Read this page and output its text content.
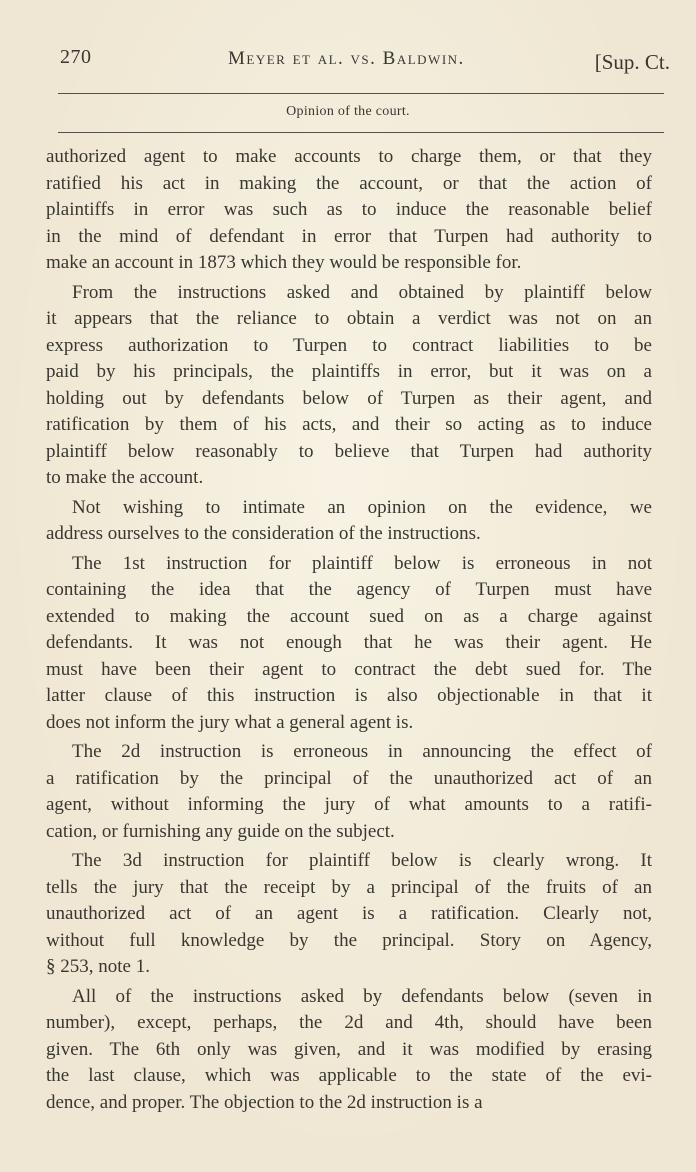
270	Meyer et al. vs. Baldwin.	[Sup. Ct.
Opinion of the court.
authorized agent to make accounts to charge them, or that they
ratified his act in making the account, or that the action of
plaintiffs in error was such as to induce the reasonable belief
in the mind of defendant in error that Turpen had authority to
make an account in 1873 which they would be responsible for.
From the instructions asked and obtained by plaintiff below
it appears that the reliance to obtain a verdict was not on an
express authorization to Turpen to contract liabilities to be
paid by his principals, the plaintiffs in error, but it was on a
holding out by defendants below of Turpen as their agent, and
ratification by them of his acts, and their so acting as to induce
plaintiff below reasonably to believe that Turpen had authority
to make the account.
Not wishing to intimate an opinion on the evidence, we
address ourselves to the consideration of the instructions.
The 1st instruction for plaintiff below is erroneous in not
containing the idea that the agency of Turpen must have
extended to making the account sued on as a charge against
defendants. It was not enough that he was their agent. He
must have been their agent to contract the debt sued for. The
latter clause of this instruction is also objectionable in that it
does not inform the jury what a general agent is.
The 2d instruction is erroneous in announcing the effect of
a ratification by the principal of the unauthorized act of an
agent, without informing the jury of what amounts to a ratifi-
cation, or furnishing any guide on the subject.
The 3d instruction for plaintiff below is clearly wrong. It
tells the jury that the receipt by a principal of the fruits of an
unauthorized act of an agent is a ratification. Clearly not,
without full knowledge by the principal. Story on Agency,
§ 253, note 1.
All of the instructions asked by defendants below (seven in
number), except, perhaps, the 2d and 4th, should have been
given. The 6th only was given, and it was modified by erasing
the last clause, which was applicable to the state of the evi-
dence, and proper. The objection to the 2d instruction is a
